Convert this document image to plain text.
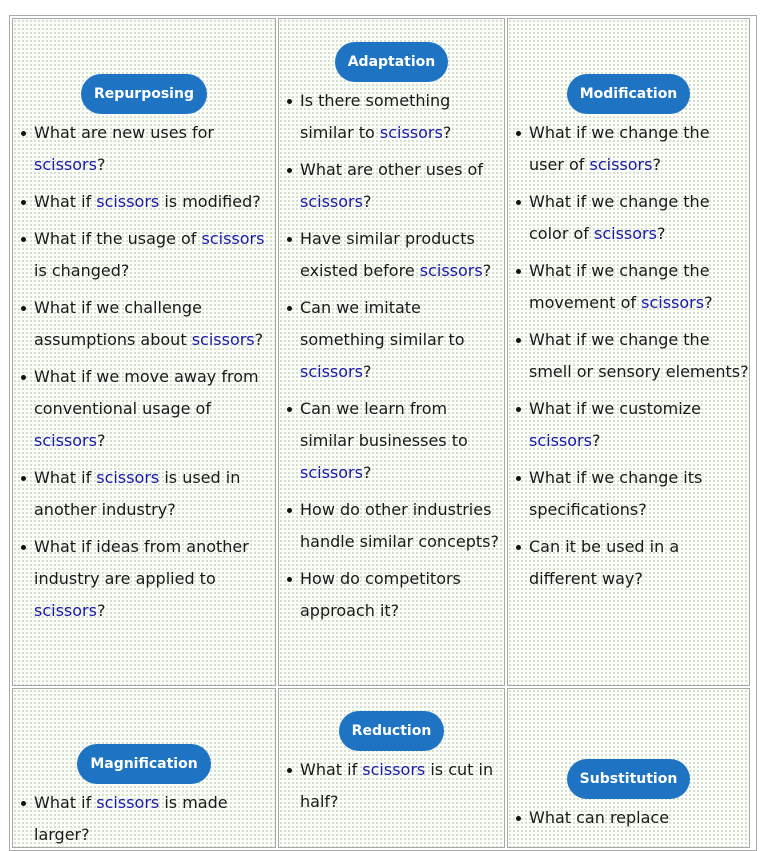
Repurposing
What are new uses for scissors?
What if scissors is modified?
What if the usage of scissors is changed?
What if we challenge assumptions about scissors?
What if we move away from conventional usage of scissors?
What if scissors is used in another industry?
What if ideas from another industry are applied to scissors?
Adaptation
Is there something similar to scissors?
What are other uses of scissors?
Have similar products existed before scissors?
Can we imitate something similar to scissors?
Can we learn from similar businesses to scissors?
How do other industries handle similar concepts?
How do competitors approach it?
Modification
What if we change the user of scissors?
What if we change the color of scissors?
What if we change the movement of scissors?
What if we change the smell or sensory elements?
What if we customize scissors?
What if we change its specifications?
Can it be used in a different way?
Magnification
What if scissors is made larger?
Reduction
What if scissors is cut in half?
Substitution
What can replace
